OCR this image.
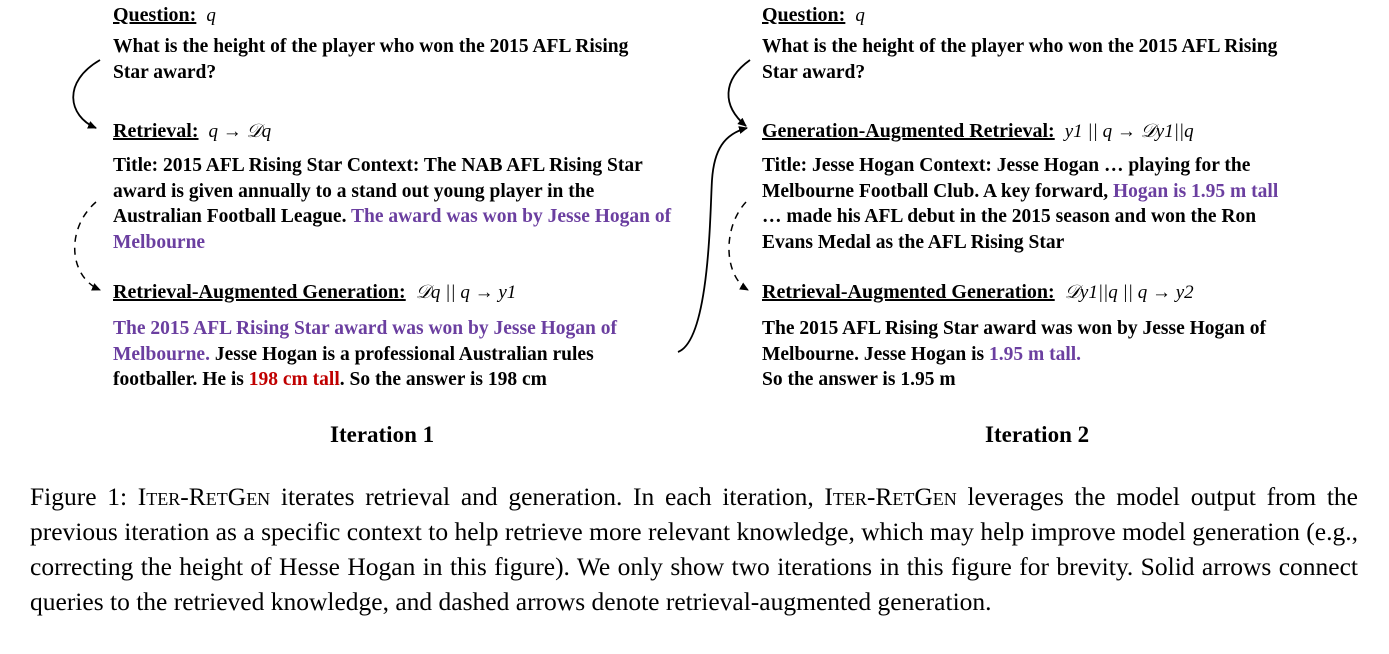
Question: q
What is the height of the player who won the 2015 AFL Rising Star award?
Retrieval: q → 𝒟q
Title: 2015 AFL Rising Star Context: The NAB AFL Rising Star award is given annually to a stand out young player in the Australian Football League. The award was won by Jesse Hogan of Melbourne
Retrieval-Augmented Generation: 𝒟q || q → y1
The 2015 AFL Rising Star award was won by Jesse Hogan of Melbourne. Jesse Hogan is a professional Australian rules footballer. He is 198 cm tall. So the answer is 198 cm
Iteration 1
Question: q
What is the height of the player who won the 2015 AFL Rising Star award?
Generation-Augmented Retrieval: y1 || q → 𝒟y1||q
Title: Jesse Hogan Context: Jesse Hogan … playing for the Melbourne Football Club. A key forward, Hogan is 1.95 m tall … made his AFL debut in the 2015 season and won the Ron Evans Medal as the AFL Rising Star
Retrieval-Augmented Generation: 𝒟y1||q || q → y2
The 2015 AFL Rising Star award was won by Jesse Hogan of Melbourne. Jesse Hogan is 1.95 m tall.
So the answer is 1.95 m
Iteration 2
Figure 1: Iter-RetGen iterates retrieval and generation. In each iteration, Iter-RetGen leverages the model output from the previous iteration as a specific context to help retrieve more relevant knowledge, which may help improve model generation (e.g., correcting the height of Hesse Hogan in this figure). We only show two iterations in this figure for brevity. Solid arrows connect queries to the retrieved knowledge, and dashed arrows denote retrieval-augmented generation.
